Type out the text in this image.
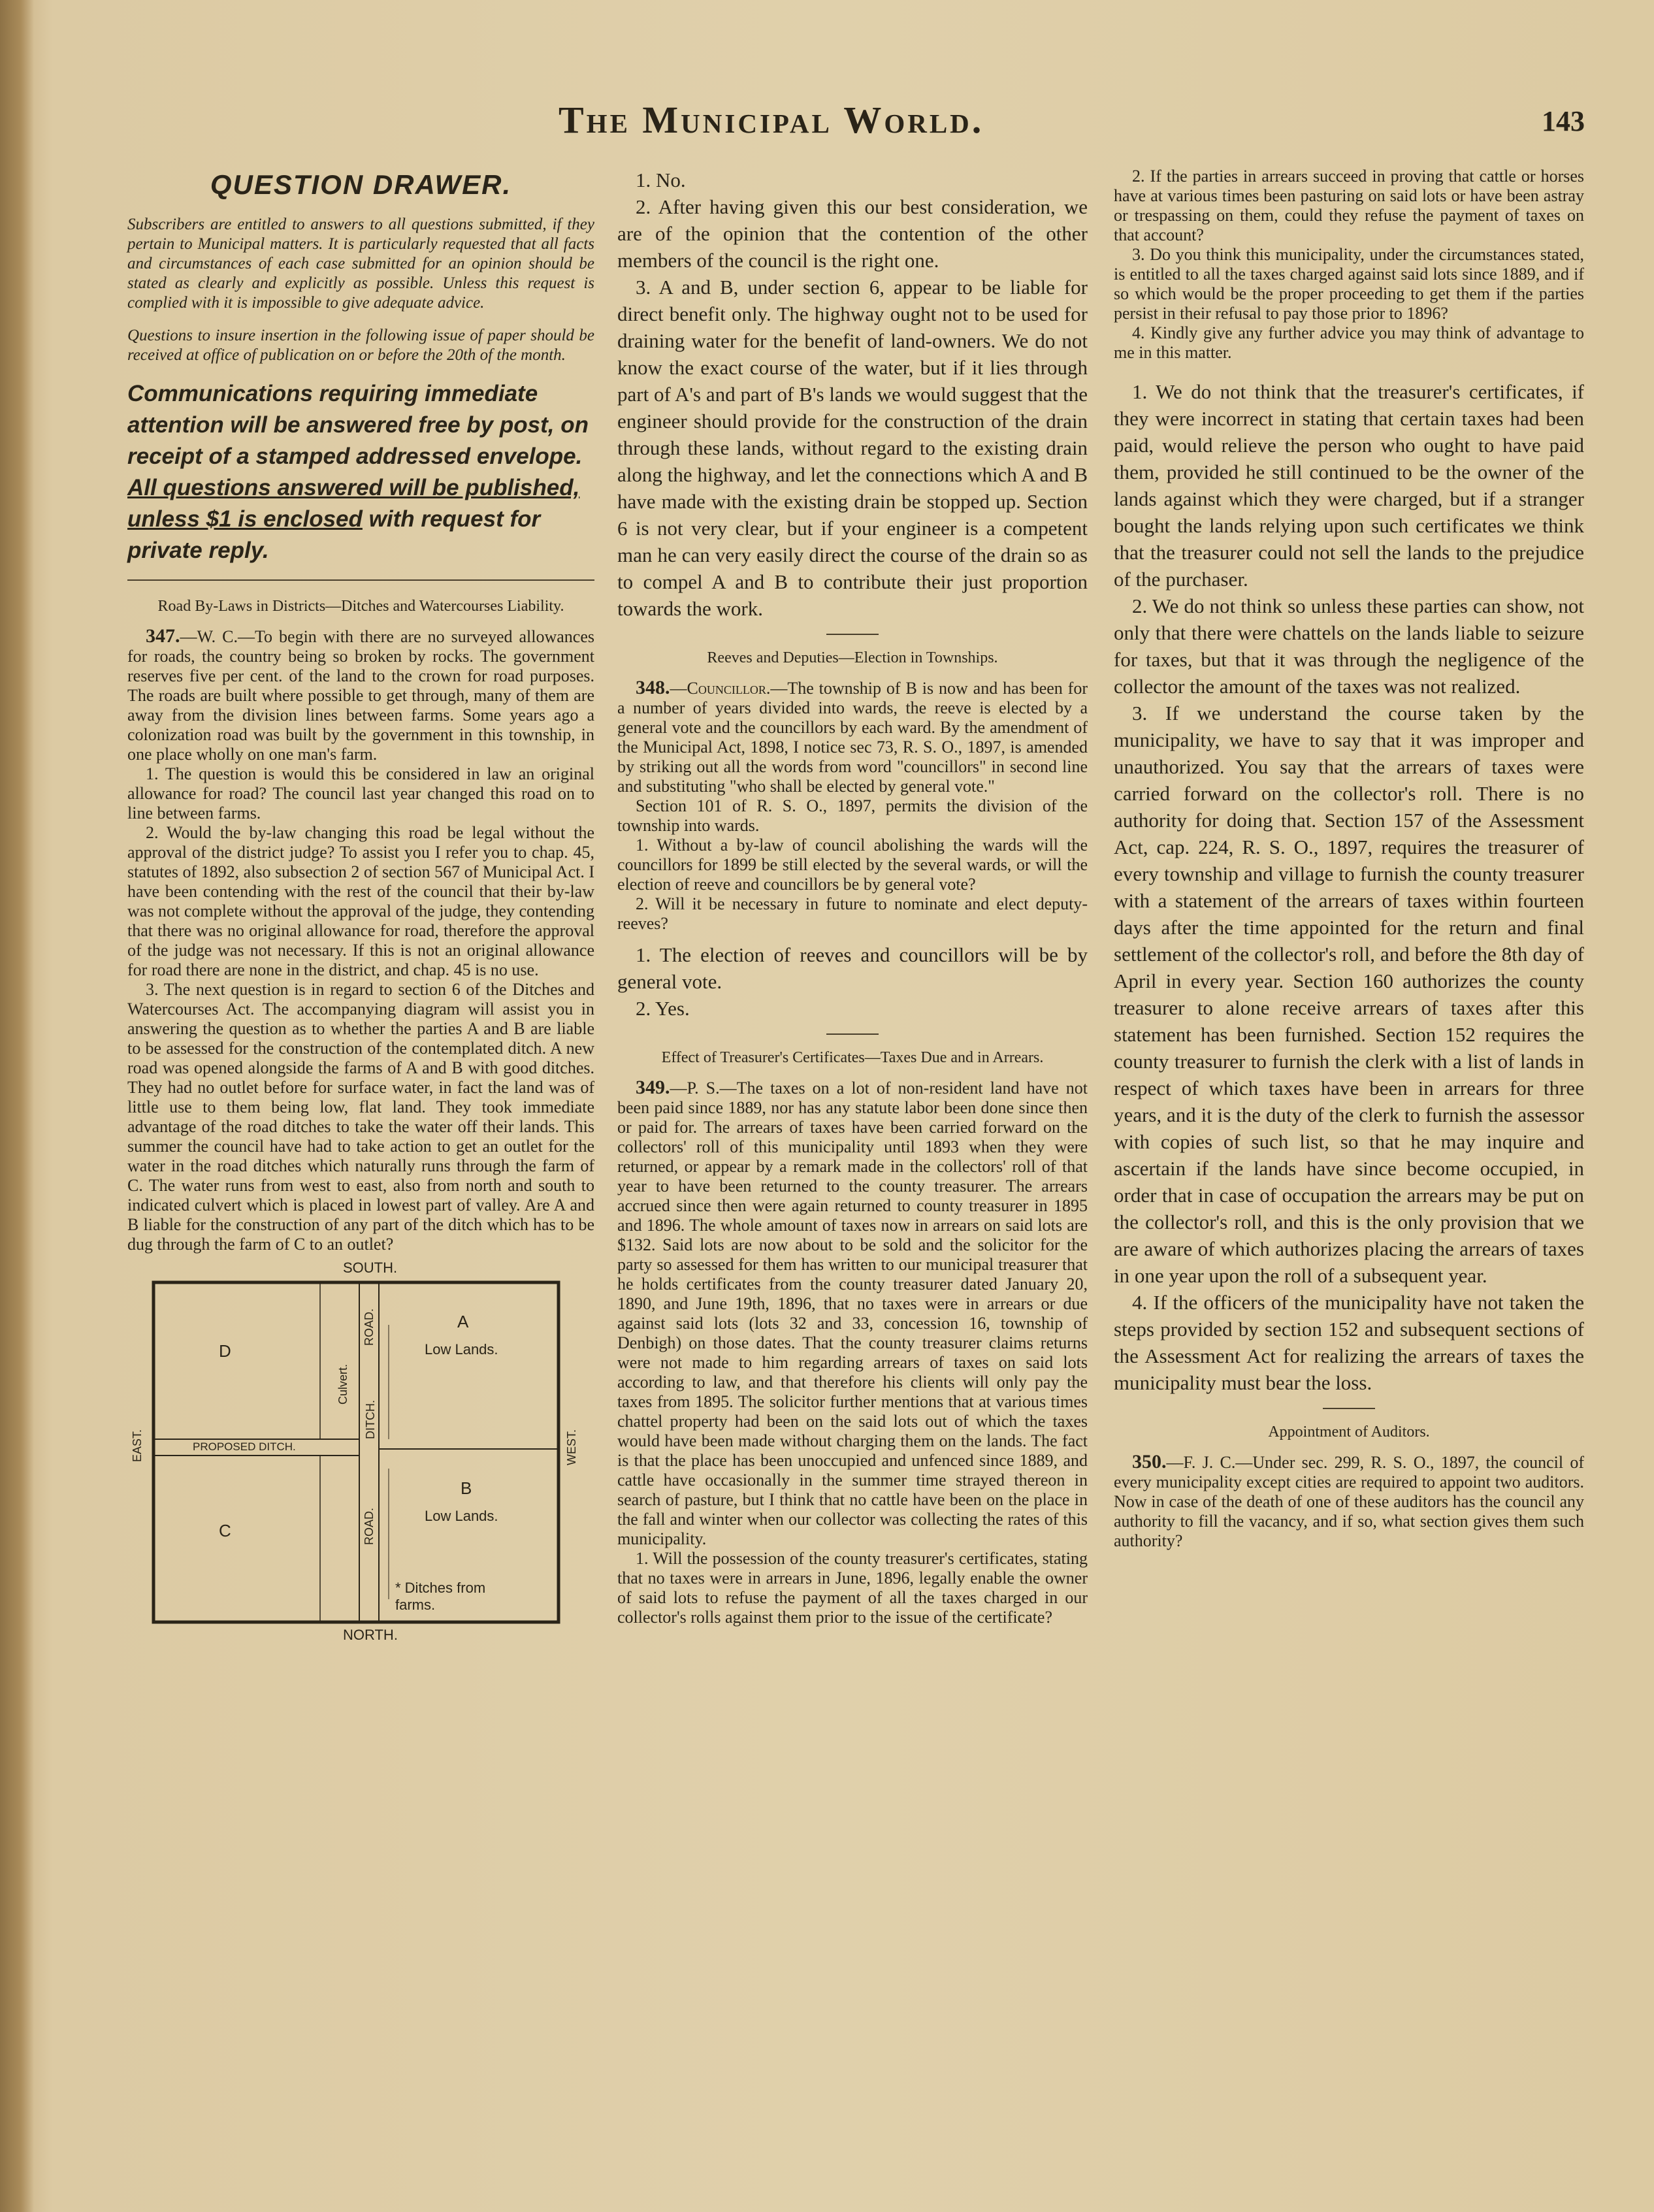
The Municipal World.	143
QUESTION DRAWER.

Subscribers are entitled to answers to all questions submitted, if they pertain to Municipal matters. It is particularly requested that all facts and circumstances of each case submitted for an opinion should be stated as clearly and explicitly as possible. Unless this request is complied with it is impossible to give adequate advice.

Questions to insure insertion in the following issue of paper should be received at office of publication on or before the 20th of the month.

Communications requiring immediate attention will be answered free by post, on receipt of a stamped addressed envelope. All questions answered will be published, unless $1 is enclosed with request for private reply.
Road By-Laws in Districts—Ditches and Watercourses Liability.

347.—W. C.—To begin with there are no surveyed allowances for roads, the country being so broken by rocks. The government reserves five per cent. of the land to the crown for road purposes. The roads are built where possible to get through, many of them are away from the division lines between farms. Some years ago a colonization road was built by the government in this township, in one place wholly on one man's farm.

1. The question is would this be considered in law an original allowance for road? The council last year changed this road on to line between farms.

2. Would the by-law changing this road be legal without the approval of the district judge? To assist you I refer you to chap. 45, statutes of 1892, also subsection 2 of section 567 of Municipal Act. I have been contending with the rest of the council that their by-law was not complete without the approval of the judge, they contending that there was no original allowance for road, therefore the approval of the judge was not necessary. If this is not an original allowance for road there are none in the district, and chap. 45 is no use.

3. The next question is in regard to section 6 of the Ditches and Watercourses Act. The accompanying diagram will assist you in answering the question as to whether the parties A and B are liable to be assessed for the construction of the contemplated ditch. A new road was opened alongside the farms of A and B with good ditches. They had no outlet before for surface water, in fact the land was of little use to them being low, flat land. They took immediate advantage of the road ditches to take the water off their lands. This summer the council have had to take action to get an outlet for the water in the road ditches which naturally runs through the farm of C. The water runs from west to east, also from north and south to indicated culvert which is placed in lowest part of valley. Are A and B liable for the construction of any part of the ditch which has to be dug through the farm of C to an outlet?

SOUTH.
NORTH.
EAST.	WEST.
A
Low Lands.
B
Low Lands.
D
C
ROAD.
ROAD.
Culvert.
DITCH.
PROPOSED DITCH.
* Ditches from farms.

1. No.

2. After having given this our best consideration, we are of the opinion that the contention of the other members of the council is the right one.

3. A and B, under section 6, appear to be liable for direct benefit only. The highway ought not to be used for draining water for the benefit of land-owners. We do not know the exact course of the water, but if it lies through part of A's and part of B's lands we would suggest that the engineer should provide for the construction of the drain through these lands, without regard to the existing drain along the highway, and let the connections which A and B have made with the existing drain be stopped up. Section 6 is not very clear, but if your engineer is a competent man he can very easily direct the course of the drain so as to compel A and B to contribute their just proportion towards the work.

Reeves and Deputies—Election in Townships.

348.—Councillor.—The township of B is now and has been for a number of years divided into wards, the reeve is elected by a general vote and the councillors by each ward. By the amendment of the Municipal Act, 1898, I notice sec 73, R. S. O., 1897, is amended by striking out all the words from word "councillors" in second line and substituting "who shall be elected by general vote."

Section 101 of R. S. O., 1897, permits the division of the township into wards.

1. Without a by-law of council abolishing the wards will the councillors for 1899 be still elected by the several wards, or will the election of reeve and councillors be by general vote?

2. Will it be necessary in future to nominate and elect deputy-reeves?

1. The election of reeves and councillors will be by general vote.

2. Yes.

Effect of Treasurer's Certificates—Taxes Due and in Arrears.

349.—P. S.—The taxes on a lot of non-resident land have not been paid since 1889, nor has any statute labor been done since then or paid for. The arrears of taxes have been carried forward on the collectors' roll of this municipality until 1893 when they were returned, or appear by a remark made in the collectors' roll of that year to have been returned to the county treasurer. The arrears accrued since then were again returned to county treasurer in 1895 and 1896. The whole amount of taxes now in arrears on said lots are $132. Said lots are now about to be sold and the solicitor for the party so assessed for them has written to our municipal treasurer that he holds certificates from the county treasurer dated January 20, 1890, and June 19th, 1896, that no taxes were in arrears or due against said lots (lots 32 and 33, concession 16, township of Denbigh) on those dates. That the county treasurer claims returns were not made to him regarding arrears of taxes on said lots according to law, and that therefore his clients will only pay the taxes from 1895. The solicitor further mentions that at various times chattel property had been on the said lots out of which the taxes would have been made without charging them on the lands. The fact is that the place has been unoccupied and unfenced since 1889, and cattle have occasionally in the summer time strayed thereon in search of pasture, but I think that no cattle have been on the place in the fall and winter when our collector was collecting the rates of this municipality.

1. Will the possession of the county treasurer's certificates, stating that no taxes were in arrears in June, 1896, legally enable the owner of said lots to refuse the payment of all the taxes charged in our collector's rolls against them prior to the issue of the certificate?

2. If the parties in arrears succeed in proving that cattle or horses have at various times been pasturing on said lots or have been astray or trespassing on them, could they refuse the payment of taxes on that account?

3. Do you think this municipality, under the circumstances stated, is entitled to all the taxes charged against said lots since 1889, and if so which would be the proper proceeding to get them if the parties persist in their refusal to pay those prior to 1896?

4. Kindly give any further advice you may think of advantage to me in this matter.

1. We do not think that the treasurer's certificates, if they were incorrect in stating that certain taxes had been paid, would relieve the person who ought to have paid them, provided he still continued to be the owner of the lands against which they were charged, but if a stranger bought the lands relying upon such certificates we think that the treasurer could not sell the lands to the prejudice of the purchaser.

2. We do not think so unless these parties can show, not only that there were chattels on the lands liable to seizure for taxes, but that it was through the negligence of the collector the amount of the taxes was not realized.

3. If we understand the course taken by the municipality, we have to say that it was improper and unauthorized. You say that the arrears of taxes were carried forward on the collector's roll. There is no authority for doing that. Section 157 of the Assessment Act, cap. 224, R. S. O., 1897, requires the treasurer of every township and village to furnish the county treasurer with a statement of the arrears of taxes within fourteen days after the time appointed for the return and final settlement of the collector's roll, and before the 8th day of April in every year. Section 160 authorizes the county treasurer to alone receive arrears of taxes after this statement has been furnished. Section 152 requires the county treasurer to furnish the clerk with a list of lands in respect of which taxes have been in arrears for three years, and it is the duty of the clerk to furnish the assessor with copies of such list, so that he may inquire and ascertain if the lands have since become occupied, in order that in case of occupation the arrears may be put on the collector's roll, and this is the only provision that we are aware of which authorizes placing the arrears of taxes in one year upon the roll of a subsequent year.

4. If the officers of the municipality have not taken the steps provided by section 152 and subsequent sections of the Assessment Act for realizing the arrears of taxes the municipality must bear the loss.

Appointment of Auditors.

350.—F. J. C.—Under sec. 299, R. S. O., 1897, the council of every municipality except cities are required to appoint two auditors. Now in case of the death of one of these auditors has the council any authority to fill the vacancy, and if so, what section gives them such authority?
